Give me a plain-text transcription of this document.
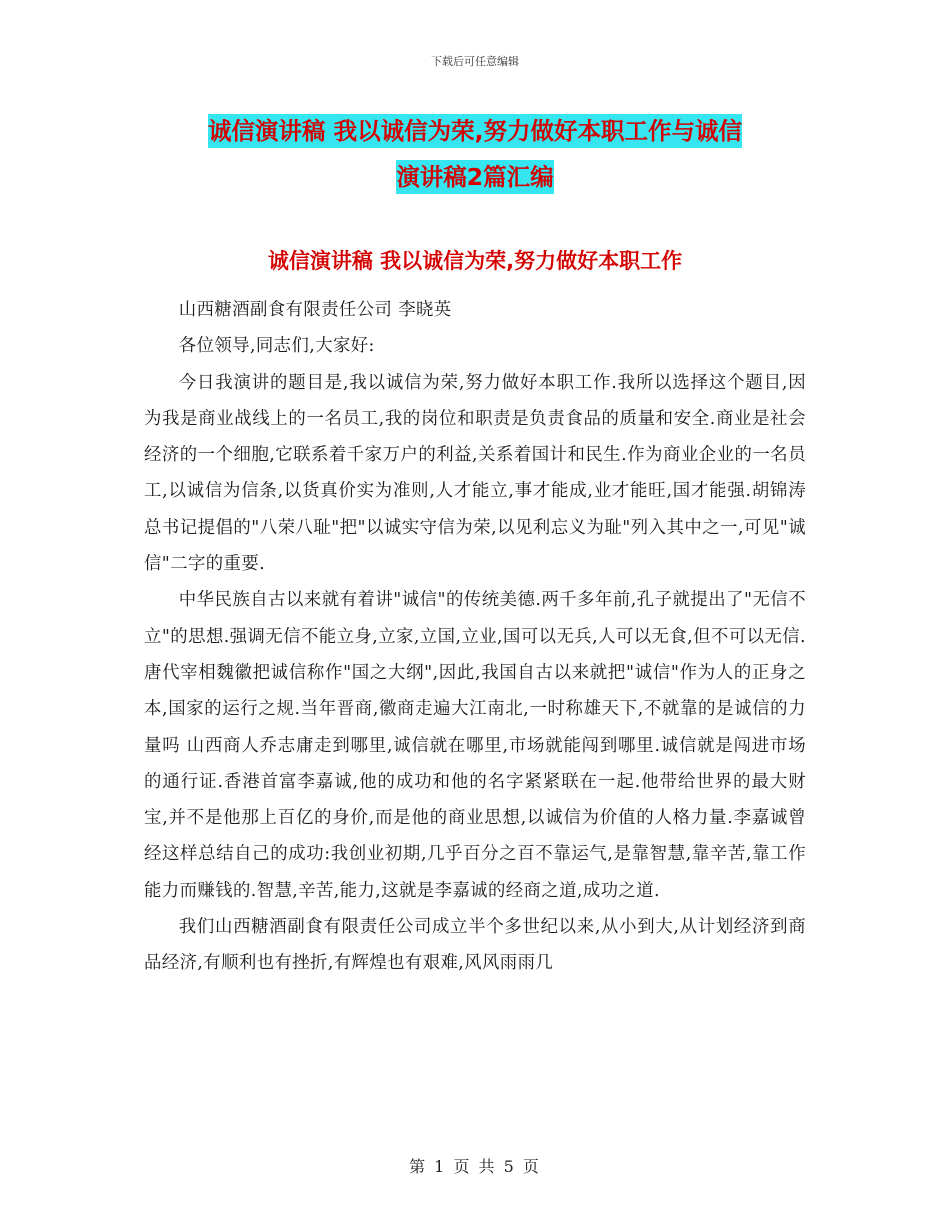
下载后可任意编辑
诚信演讲稿 我以诚信为荣,努力做好本职工作与诚信
演讲稿2篇汇编
诚信演讲稿 我以诚信为荣,努力做好本职工作

山西糖酒副食有限责任公司 李晓英

各位领导,同志们,大家好:

今日我演讲的题目是,我以诚信为荣,努力做好本职工作.我所以选择这个题目,因为我是商业战线上的一名员工,我的岗位和职责是负责食品的质量和安全.商业是社会经济的一个细胞,它联系着千家万户的利益,关系着国计和民生.作为商业企业的一名员工,以诚信为信条,以货真价实为准则,人才能立,事才能成,业才能旺,国才能强.胡锦涛总书记提倡的"八荣八耻"把"以诚实守信为荣,以见利忘义为耻"列入其中之一,可见"诚信"二字的重要.

中华民族自古以来就有着讲"诚信"的传统美德.两千多年前,孔子就提出了"无信不立"的思想.强调无信不能立身,立家,立国,立业,国可以无兵,人可以无食,但不可以无信.唐代宰相魏徽把诚信称作"国之大纲",因此,我国自古以来就把"诚信"作为人的正身之本,国家的运行之规.当年晋商,徽商走遍大江南北,一时称雄天下,不就靠的是诚信的力量吗 山西商人乔志庸走到哪里,诚信就在哪里,市场就能闯到哪里.诚信就是闯进市场的通行证.香港首富李嘉诚,他的成功和他的名字紧紧联在一起.他带给世界的最大财宝,并不是他那上百亿的身价,而是他的商业思想,以诚信为价值的人格力量.李嘉诚曾经这样总结自己的成功:我创业初期,几乎百分之百不靠运气,是靠智慧,靠辛苦,靠工作能力而赚钱的.智慧,辛苦,能力,这就是李嘉诚的经商之道,成功之道.

我们山西糖酒副食有限责任公司成立半个多世纪以来,从小到大,从计划经济到商品经济,有顺利也有挫折,有辉煌也有艰难,风风雨雨几

第 1 页 共 5 页
